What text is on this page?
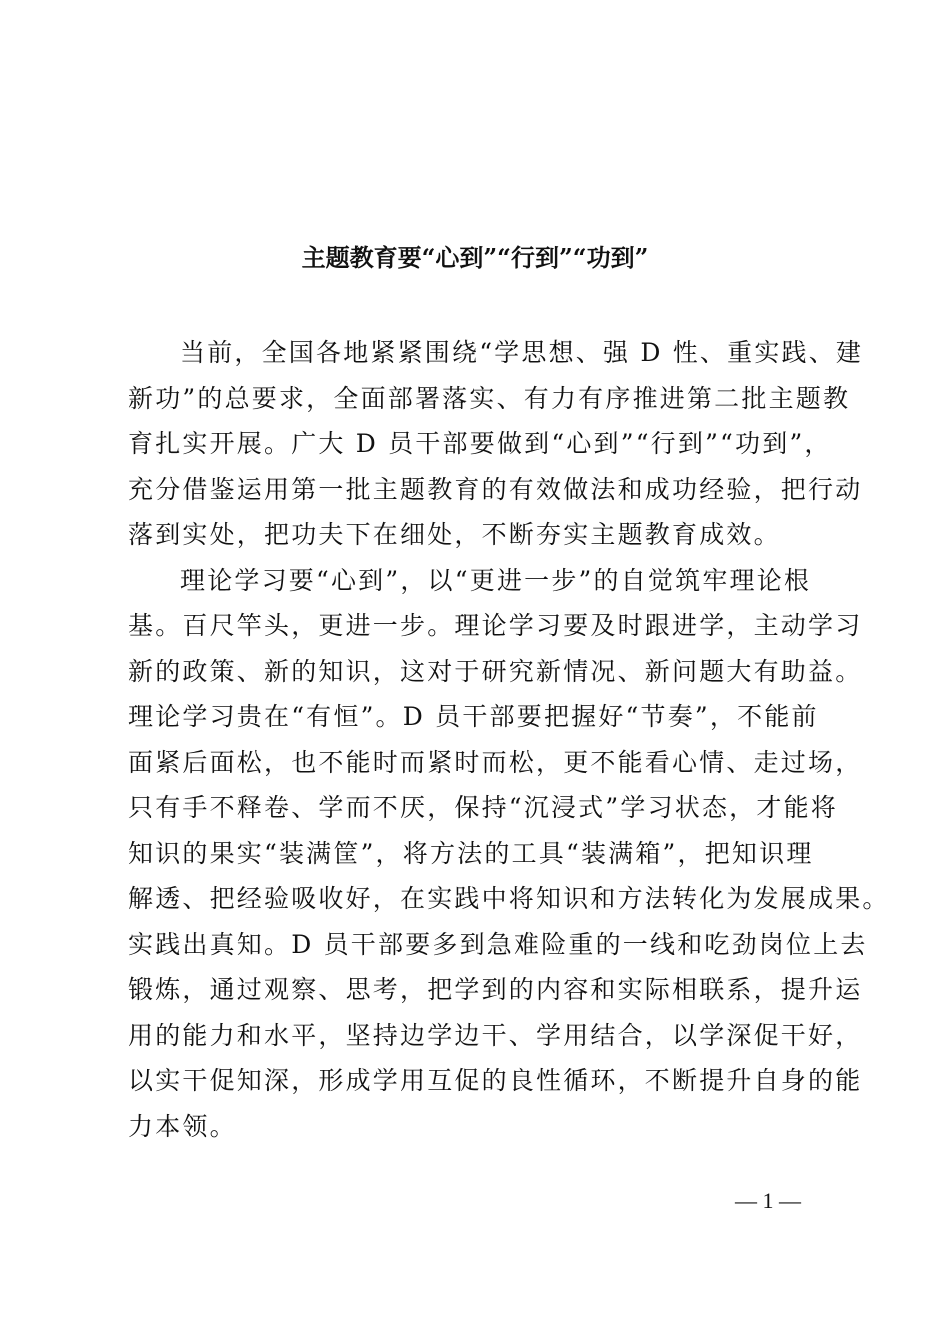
主题教育要“心到”“行到”“功到”
当前，全国各地紧紧围绕“学思想、强 D 性、重实践、建
新功”的总要求，全面部署落实、有力有序推进第二批主题教
育扎实开展。广大 D 员干部要做到“心到”“行到”“功到”，
充分借鉴运用第一批主题教育的有效做法和成功经验，把行动
落到实处，把功夫下在细处，不断夯实主题教育成效。
理论学习要“心到”，以“更进一步”的自觉筑牢理论根
基。百尺竿头，更进一步。理论学习要及时跟进学，主动学习
新的政策、新的知识，这对于研究新情况、新问题大有助益。
理论学习贵在“有恒”。D 员干部要把握好“节奏”，不能前
面紧后面松，也不能时而紧时而松，更不能看心情、走过场，
只有手不释卷、学而不厌，保持“沉浸式”学习状态，才能将
知识的果实“装满筐”，将方法的工具“装满箱”，把知识理
解透、把经验吸收好，在实践中将知识和方法转化为发展成果。
实践出真知。D 员干部要多到急难险重的一线和吃劲岗位上去
锻炼，通过观察、思考，把学到的内容和实际相联系，提升运
用的能力和水平，坚持边学边干、学用结合，以学深促干好，
以实干促知深，形成学用互促的良性循环，不断提升自身的能
力本领。
— 1 —
